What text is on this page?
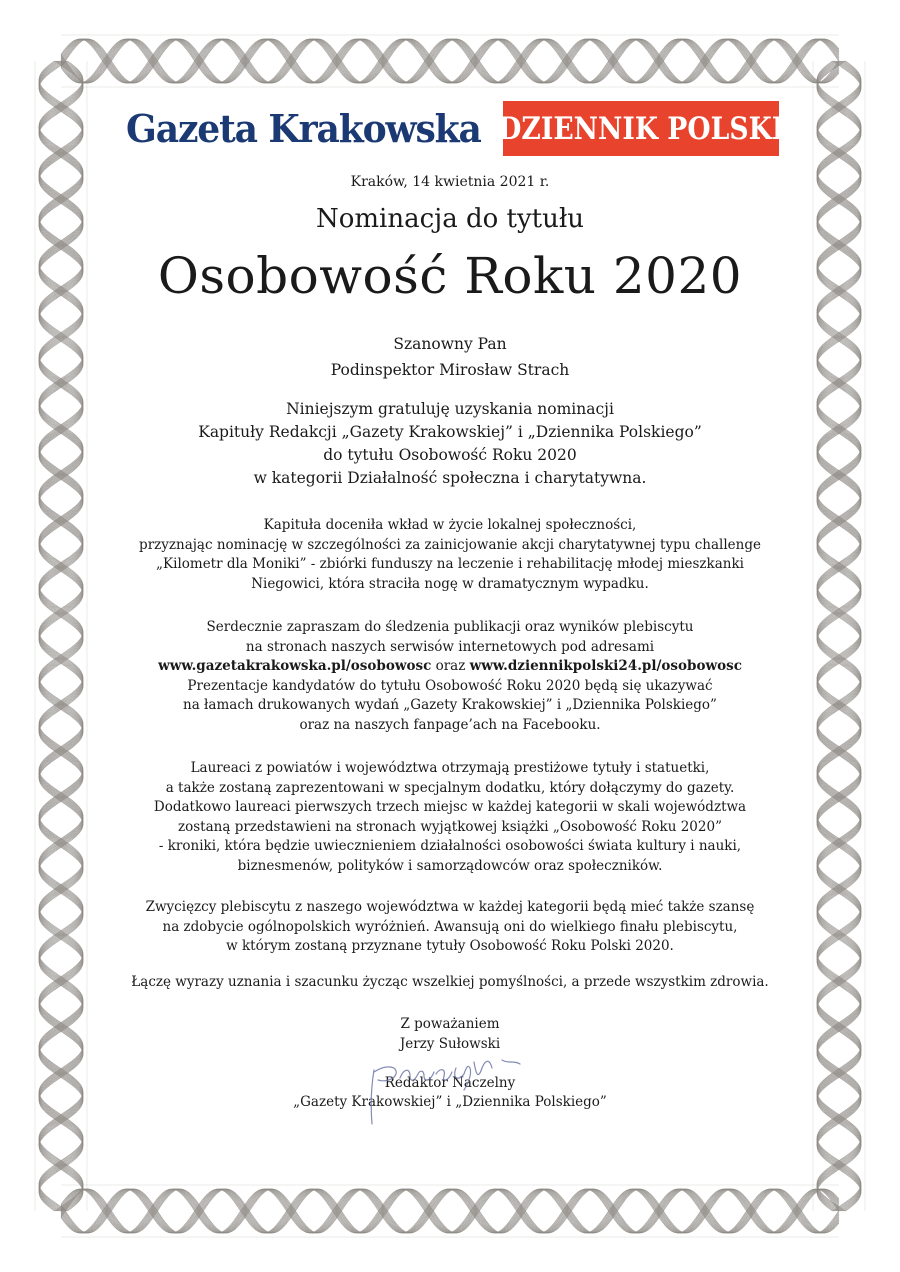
Gazeta Krakowska DZIENNIK POLSKI
Kraków, 14 kwietnia 2021 r.
Nominacja do tytułu
Osobowość Roku 2020
Szanowny Pan
Podinspektor Mirosław Strach
Niniejszym gratuluję uzyskania nominacji
Kapituły Redakcji „Gazety Krakowskiej” i „Dziennika Polskiego”
do tytułu Osobowość Roku 2020
w kategorii Działalność społeczna i charytatywna.
Kapituła doceniła wkład w życie lokalnej społeczności,
przyznając nominację w szczególności za zainicjowanie akcji charytatywnej typu challenge
„Kilometr dla Moniki” - zbiórki funduszy na leczenie i rehabilitację młodej mieszkanki
Niegowici, która straciła nogę w dramatycznym wypadku.
Serdecznie zapraszam do śledzenia publikacji oraz wyników plebiscytu
na stronach naszych serwisów internetowych pod adresami
www.gazetakrakowska.pl/osobowosc oraz www.dziennikpolski24.pl/osobowosc
Prezentacje kandydatów do tytułu Osobowość Roku 2020 będą się ukazywać
na łamach drukowanych wydań „Gazety Krakowskiej” i „Dziennika Polskiego”
oraz na naszych fanpage’ach na Facebooku.
Laureaci z powiatów i województwa otrzymają prestiżowe tytuły i statuetki,
a także zostaną zaprezentowani w specjalnym dodatku, który dołączymy do gazety.
Dodatkowo laureaci pierwszych trzech miejsc w każdej kategorii w skali województwa
zostaną przedstawieni na stronach wyjątkowej książki „Osobowość Roku 2020”
- kroniki, która będzie uwiecznieniem działalności osobowości świata kultury i nauki,
biznesmenów, polityków i samorządowców oraz społeczników.
Zwycięzcy plebiscytu z naszego województwa w każdej kategorii będą mieć także szansę
na zdobycie ogólnopolskich wyróżnień. Awansują oni do wielkiego finału plebiscytu,
w którym zostaną przyznane tytuły Osobowość Roku Polski 2020.
Łączę wyrazy uznania i szacunku życząc wszelkiej pomyślności, a przede wszystkim zdrowia.
Z poważaniem
Jerzy Sułowski

Redaktor Naczelny
„Gazety Krakowskiej” i „Dziennika Polskiego”
